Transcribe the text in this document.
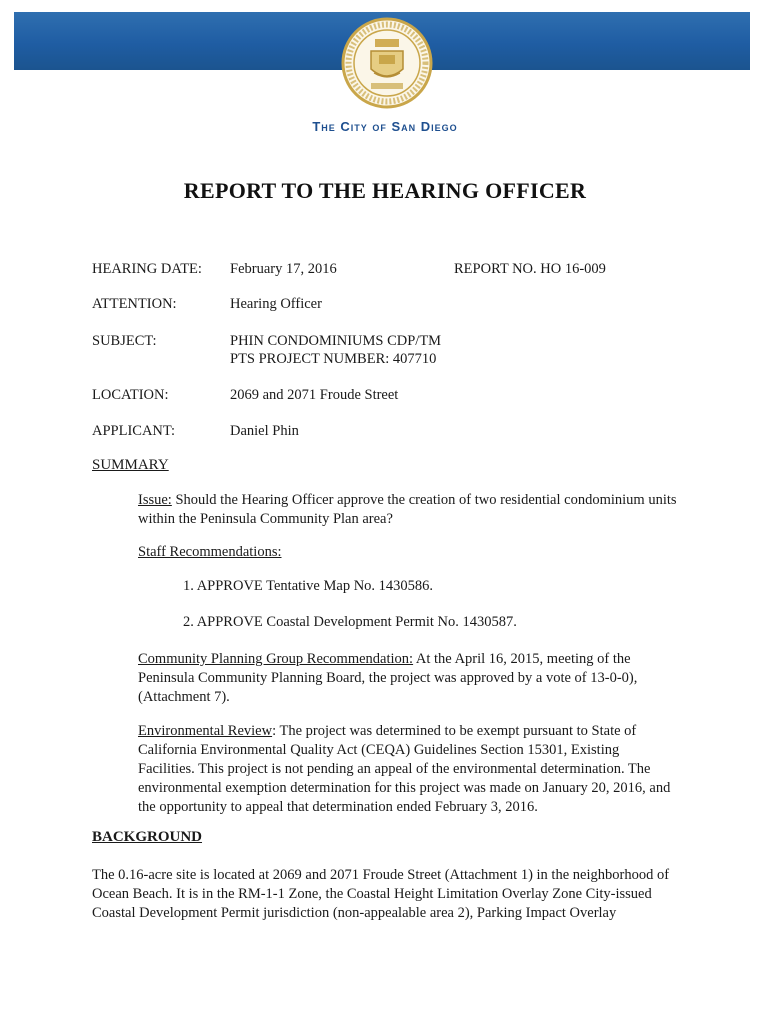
The City of San Diego
REPORT TO THE HEARING OFFICER
HEARING DATE: February 17, 2016	REPORT NO. HO 16-009
ATTENTION:	Hearing Officer
SUBJECT:	PHIN CONDOMINIUMS CDP/TM
PTS PROJECT NUMBER: 407710
LOCATION:	2069 and 2071 Froude Street
APPLICANT:	Daniel Phin
SUMMARY
Issue: Should the Hearing Officer approve the creation of two residential condominium units within the Peninsula Community Plan area?
Staff Recommendations:
1. APPROVE Tentative Map No. 1430586.
2. APPROVE Coastal Development Permit No. 1430587.
Community Planning Group Recommendation: At the April 16, 2015, meeting of the Peninsula Community Planning Board, the project was approved by a vote of 13-0-0), (Attachment 7).
Environmental Review: The project was determined to be exempt pursuant to State of California Environmental Quality Act (CEQA) Guidelines Section 15301, Existing Facilities. This project is not pending an appeal of the environmental determination. The environmental exemption determination for this project was made on January 20, 2016, and the opportunity to appeal that determination ended February 3, 2016.
BACKGROUND
The 0.16-acre site is located at 2069 and 2071 Froude Street (Attachment 1) in the neighborhood of Ocean Beach. It is in the RM-1-1 Zone, the Coastal Height Limitation Overlay Zone City-issued Coastal Development Permit jurisdiction (non-appealable area 2), Parking Impact Overlay
